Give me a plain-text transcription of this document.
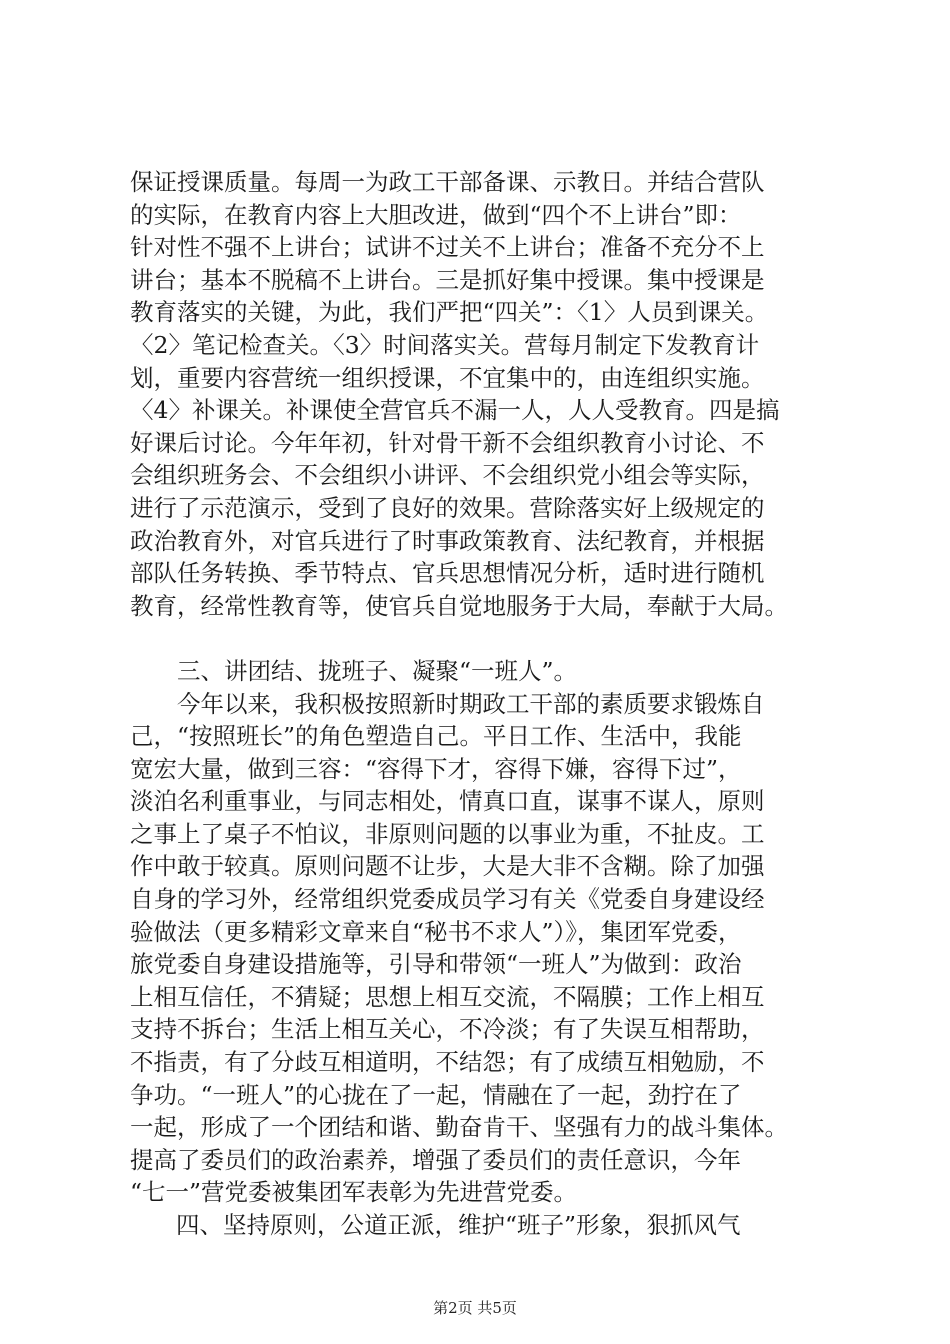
保证授课质量。每周一为政工干部备课、示教日。并结合营队
的实际，在教育内容上大胆改进，做到“四个不上讲台”即：
针对性不强不上讲台；试讲不过关不上讲台；准备不充分不上
讲台；基本不脱稿不上讲台。三是抓好集中授课。集中授课是
教育落实的关键，为此，我们严把“四关”：〈1〉人员到课关。
〈2〉笔记检查关。〈3〉时间落实关。营每月制定下发教育计
划，重要内容营统一组织授课，不宜集中的，由连组织实施。
〈4〉补课关。补课使全营官兵不漏一人，人人受教育。四是搞
好课后讨论。今年年初，针对骨干新不会组织教育小讨论、不
会组织班务会、不会组织小讲评、不会组织党小组会等实际，
进行了示范演示，受到了良好的效果。营除落实好上级规定的
政治教育外，对官兵进行了时事政策教育、法纪教育，并根据
部队任务转换、季节特点、官兵思想情况分析，适时进行随机
教育，经常性教育等，使官兵自觉地服务于大局，奉献于大局。
三、讲团结、拢班子、凝聚“一班人”。
今年以来，我积极按照新时期政工干部的素质要求锻炼自
己，“按照班长”的角色塑造自己。平日工作、生活中，我能
宽宏大量，做到三容：“容得下才，容得下嫌，容得下过”，
淡泊名利重事业，与同志相处，情真口直，谋事不谋人，原则
之事上了桌子不怕议，非原则问题的以事业为重，不扯皮。工
作中敢于较真。原则问题不让步，大是大非不含糊。除了加强
自身的学习外，经常组织党委成员学习有关《党委自身建设经
验做法（更多精彩文章来自“秘书不求人”）》，集团军党委，
旅党委自身建设措施等，引导和带领“一班人”为做到：政治
上相互信任，不猜疑；思想上相互交流，不隔膜；工作上相互
支持不拆台；生活上相互关心，不冷淡；有了失误互相帮助，
不指责，有了分歧互相道明，不结怨；有了成绩互相勉励，不
争功。“一班人”的心拢在了一起，情融在了一起，劲拧在了
一起，形成了一个团结和谐、勤奋肯干、坚强有力的战斗集体。
提高了委员们的政治素养，增强了委员们的责任意识，今年
“七一”营党委被集团军表彰为先进营党委。
四、坚持原则，公道正派，维护“班子”形象，狠抓风气
第2页 共5页
